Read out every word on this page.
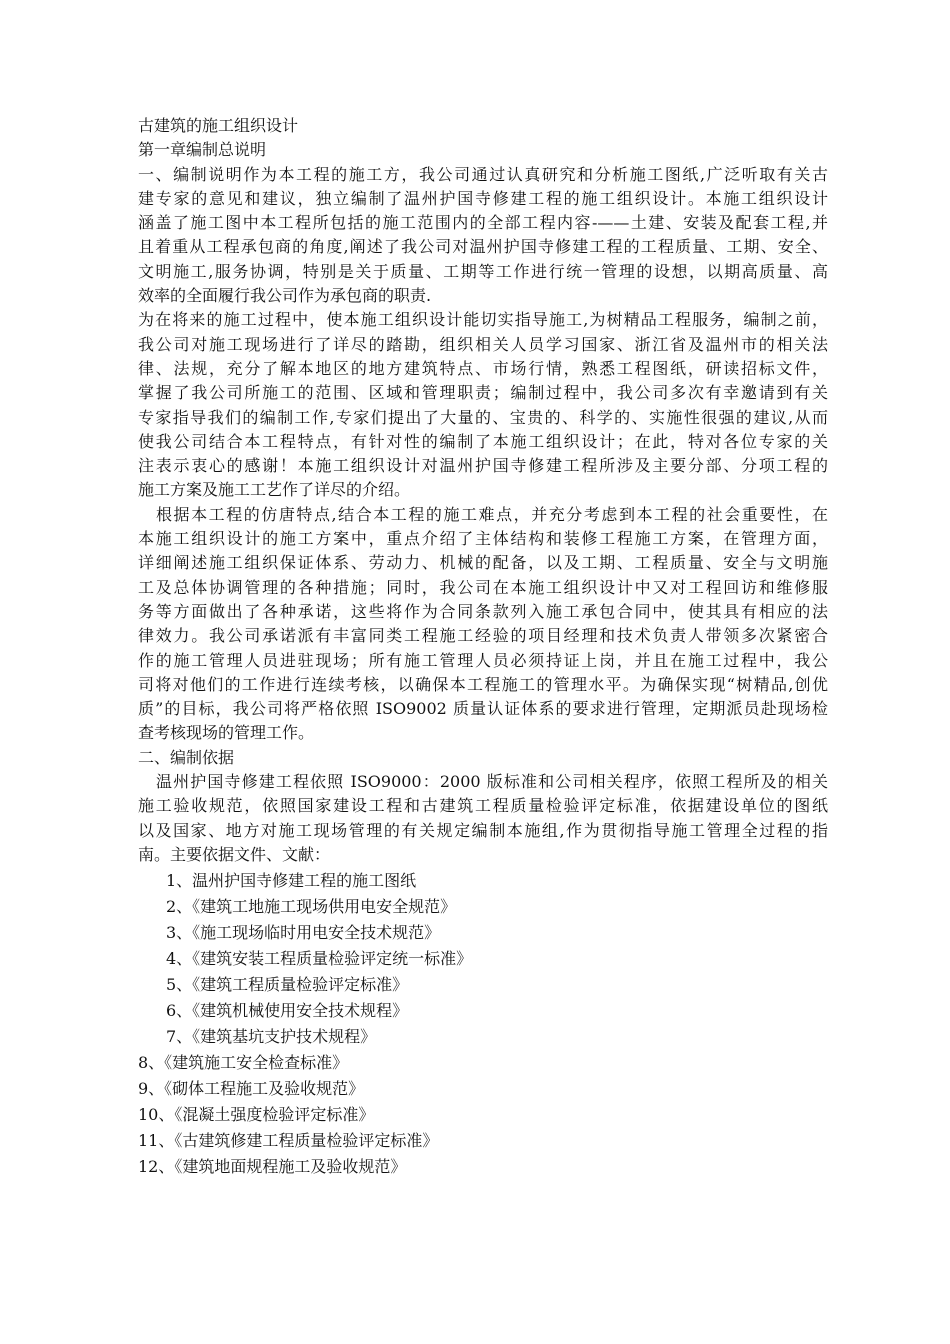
古建筑的施工组织设计
第一章编制总说明
一、编制说明作为本工程的施工方，我公司通过认真研究和分析施工图纸,广泛听取有关古
建专家的意见和建议，独立编制了温州护国寺修建工程的施工组织设计。本施工组织设计
涵盖了施工图中本工程所包括的施工范围内的全部工程内容-——土建、安装及配套工程,并
且着重从工程承包商的角度,阐述了我公司对温州护国寺修建工程的工程质量、工期、安全、
文明施工,服务协调，特别是关于质量、工期等工作进行统一管理的设想，以期高质量、高
效率的全面履行我公司作为承包商的职责.
为在将来的施工过程中，使本施工组织设计能切实指导施工,为树精品工程服务，编制之前，
我公司对施工现场进行了详尽的踏勘，组织相关人员学习国家、浙江省及温州市的相关法
律、法规，充分了解本地区的地方建筑特点、市场行情，熟悉工程图纸，研读招标文件，
掌握了我公司所施工的范围、区域和管理职责；编制过程中，我公司多次有幸邀请到有关
专家指导我们的编制工作,专家们提出了大量的、宝贵的、科学的、实施性很强的建议,从而
使我公司结合本工程特点，有针对性的编制了本施工组织设计；在此，特对各位专家的关
注表示衷心的感谢！本施工组织设计对温州护国寺修建工程所涉及主要分部、分项工程的
施工方案及施工工艺作了详尽的介绍。
根据本工程的仿唐特点,结合本工程的施工难点，并充分考虑到本工程的社会重要性，在
本施工组织设计的施工方案中，重点介绍了主体结构和装修工程施工方案，在管理方面，
详细阐述施工组织保证体系、劳动力、机械的配备，以及工期、工程质量、安全与文明施
工及总体协调管理的各种措施；同时，我公司在本施工组织设计中又对工程回访和维修服
务等方面做出了各种承诺，这些将作为合同条款列入施工承包合同中，使其具有相应的法
律效力。我公司承诺派有丰富同类工程施工经验的项目经理和技术负责人带领多次紧密合
作的施工管理人员进驻现场；所有施工管理人员必须持证上岗，并且在施工过程中，我公
司将对他们的工作进行连续考核，以确保本工程施工的管理水平。为确保实现“树精品,创优
质”的目标，我公司将严格依照 ISO9002 质量认证体系的要求进行管理，定期派员赴现场检
查考核现场的管理工作。
二、编制依据
温州护国寺修建工程依照 ISO9000：2000 版标准和公司相关程序，依照工程所及的相关
施工验收规范，依照国家建设工程和古建筑工程质量检验评定标准，依据建设单位的图纸
以及国家、地方对施工现场管理的有关规定编制本施组,作为贯彻指导施工管理全过程的指
南。主要依据文件、文献：
1、温州护国寺修建工程的施工图纸
2、《建筑工地施工现场供用电安全规范》
3、《施工现场临时用电安全技术规范》
4、《建筑安装工程质量检验评定统一标准》
5、《建筑工程质量检验评定标准》
6、《建筑机械使用安全技术规程》
7、《建筑基坑支护技术规程》
8、《建筑施工安全检查标准》
9、《砌体工程施工及验收规范》
10、《混凝土强度检验评定标准》
11、《古建筑修建工程质量检验评定标准》
12、《建筑地面规程施工及验收规范》
